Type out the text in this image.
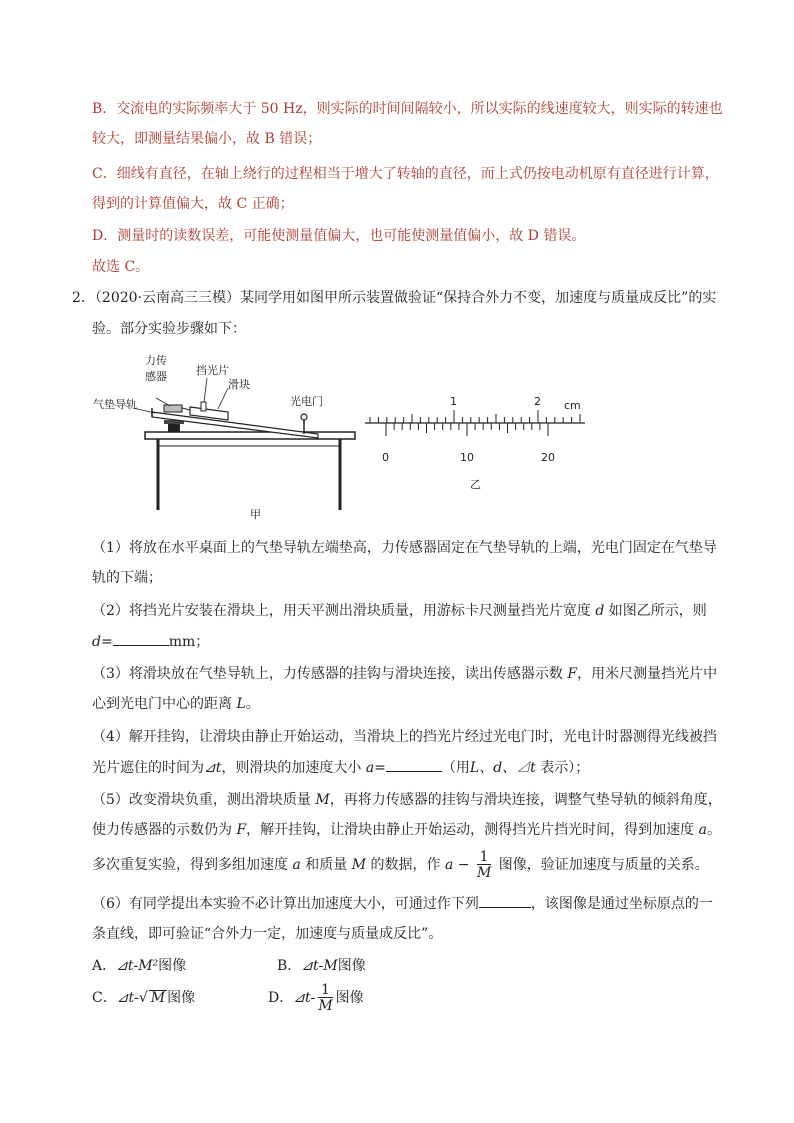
B．交流电的实际频率大于 50 Hz，则实际的时间间隔较小，所以实际的线速度较大，则实际的转速也
较大，即测量结果偏小，故 B 错误；
C．细线有直径，在轴上绕行的过程相当于增大了转轴的直径，而上式仍按电动机原有直径进行计算，
得到的计算值偏大，故 C 正确；
D．测量时的读数误差，可能使测量值偏大，也可能使测量值偏小，故 D 错误。
故选 C。
2．（2020·云南高三三模）某同学用如图甲所示装置做验证“保持合外力不变，加速度与质量成反比”的实
验。部分实验步骤如下：
力传
感器	挡光片
滑块
气垫导轨	光电门
甲
1	2 cm
0	10	20
乙
（1）将放在水平桌面上的气垫导轨左端垫高，力传感器固定在气垫导轨的上端，光电门固定在气垫导
轨的下端；
（2）将挡光片安装在滑块上，用天平测出滑块质量，用游标卡尺测量挡光片宽度 d 如图乙所示，则
d=	mm；
（3）将滑块放在气垫导轨上，力传感器的挂钩与滑块连接，读出传感器示数 F，用米尺测量挡光片中
心到光电门中心的距离 L。
（4）解开挂钩，让滑块由静止开始运动，当滑块上的挡光片经过光电门时，光电计时器测得光线被挡
光片遮住的时间为⊿t，则滑块的加速度大小 a=	（用L、d、⊿t 表示）；
（5）改变滑块负重，测出滑块质量 M，再将力传感器的挂钩与滑块连接，调整气垫导轨的倾斜角度，
使力传感器的示数仍为 F，解开挂钩，让滑块由静止开始运动，测得挡光片挡光时间，得到加速度 a。
多次重复实验，得到多组加速度 a 和质量 M 的数据，作 $a - \frac{1}{M}$ 图像，验证加速度与质量的关系。
（6）有同学提出本实验不必计算出加速度大小，可通过作下列	，该图像是通过坐标原点的一
条直线，即可验证“合外力一定，加速度与质量成反比”。
A．⊿t-M²图像	B．⊿t-M图像
C．⊿t-√ M 图像	D．⊿t- $\frac{1}{M}$ 图像
